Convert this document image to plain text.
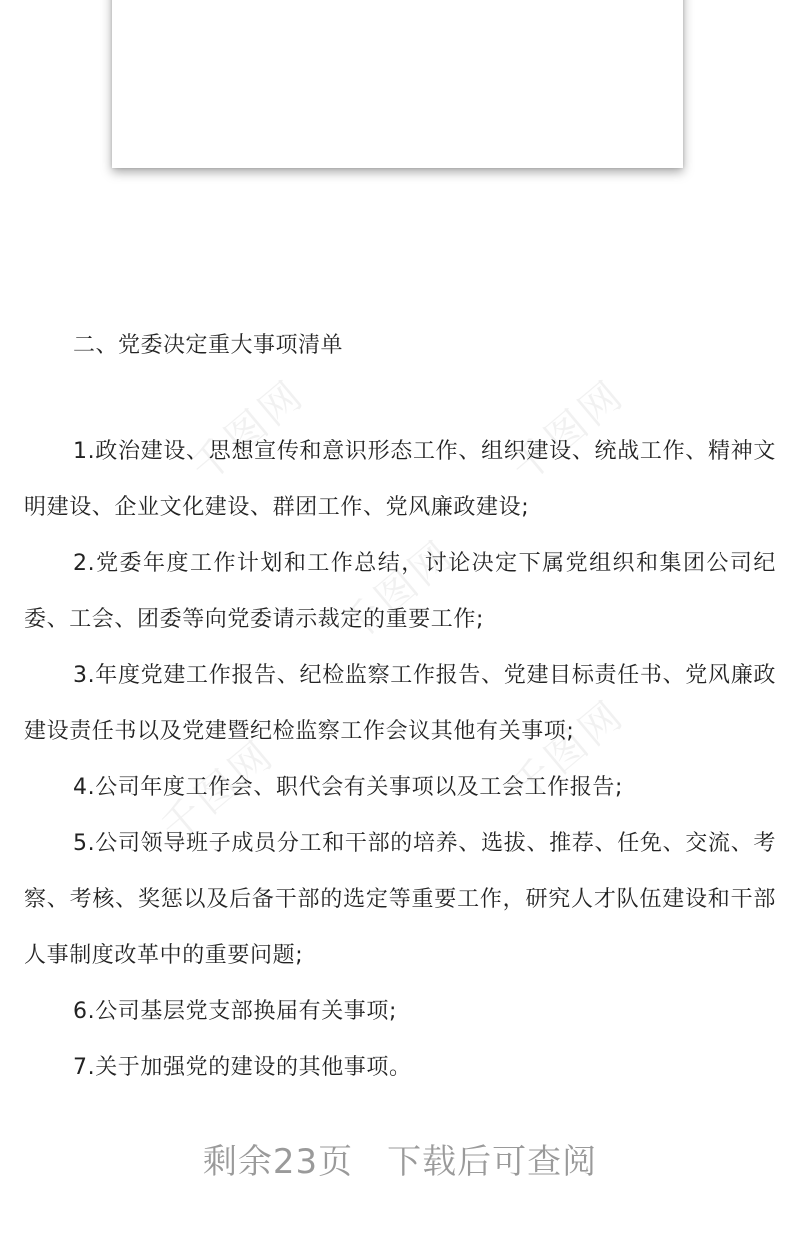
千图网	千图网
千图网
千图网
千图网

二、党委决定重大事项清单

1.政治建设、思想宣传和意识形态工作、组织建设、统战工作、精神文明建设、企业文化建设、群团工作、党风廉政建设;

2.党委年度工作计划和工作总结，讨论决定下属党组织和集团公司纪委、工会、团委等向党委请示裁定的重要工作;

3.年度党建工作报告、纪检监察工作报告、党建目标责任书、党风廉政建设责任书以及党建暨纪检监察工作会议其他有关事项;

4.公司年度工作会、职代会有关事项以及工会工作报告;

5.公司领导班子成员分工和干部的培养、选拔、推荐、任免、交流、考察、考核、奖惩以及后备干部的选定等重要工作，研究人才队伍建设和干部人事制度改革中的重要问题;

6.公司基层党支部换届有关事项;

7.关于加强党的建设的其他事项。

剩余23页 下载后可查阅
